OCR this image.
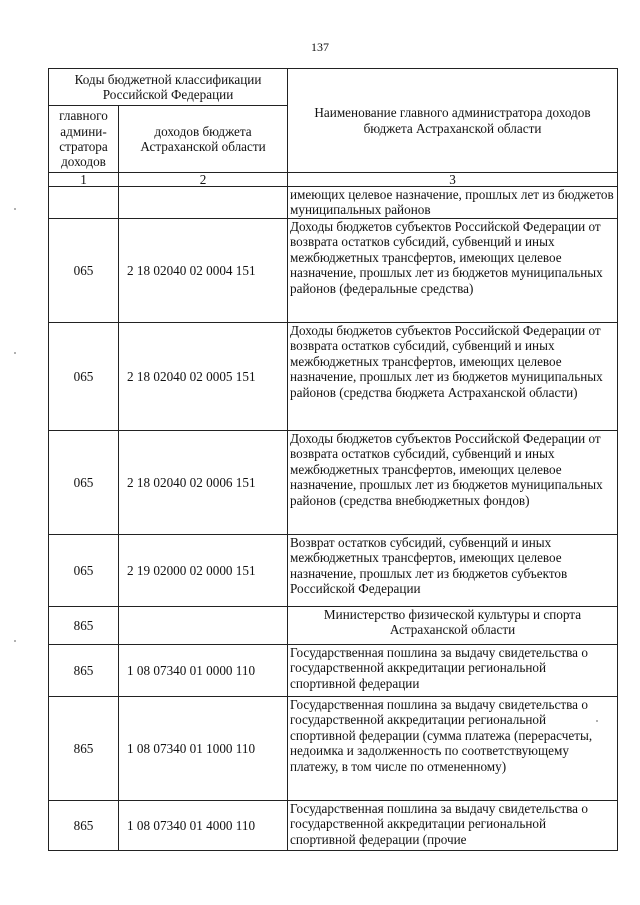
137
Коды бюджетной классификации Российской Федерации		Наименование главного администратора доходов бюджета Астраханской области
главного админи-стратора доходов	доходов бюджета Астраханской области	
1	2	3
		имеющих целевое назначение, прошлых лет из бюджетов муниципальных районов
065	2 18 02040 02 0004 151	Доходы бюджетов субъектов Российской Федерации от возврата остатков субсидий, субвенций и иных межбюджетных трансфертов, имеющих целевое назначение, прошлых лет из бюджетов муниципальных районов (федеральные средства)
065	2 18 02040 02 0005 151	Доходы бюджетов субъектов Российской Федерации от возврата остатков субсидий, субвенций и иных межбюджетных трансфертов, имеющих целевое назначение, прошлых лет из бюджетов муниципальных районов (средства бюджета Астраханской области)
065	2 18 02040 02 0006 151	Доходы бюджетов субъектов Российской Федерации от возврата остатков субсидий, субвенций и иных межбюджетных трансфертов, имеющих целевое назначение, прошлых лет из бюджетов муниципальных районов (средства внебюджетных фондов)
065	2 19 02000 02 0000 151	Возврат остатков субсидий, субвенций и иных межбюджетных трансфертов, имеющих целевое назначение, прошлых лет из бюджетов субъектов Российской Федерации
865		Министерство физической культуры и спорта Астраханской области
865	1 08 07340 01 0000 110	Государственная пошлина за выдачу свидетельства о государственной аккредитации региональной спортивной федерации
865	1 08 07340 01 1000 110	Государственная пошлина за выдачу свидетельства о государственной аккредитации региональной спортивной федерации (сумма платежа (перерасчеты, недоимка и задолженность по соответствующему платежу, в том числе по отмененному)
865	1 08 07340 01 4000 110	Государственная пошлина за выдачу свидетельства о государственной аккредитации региональной спортивной федерации (прочие
